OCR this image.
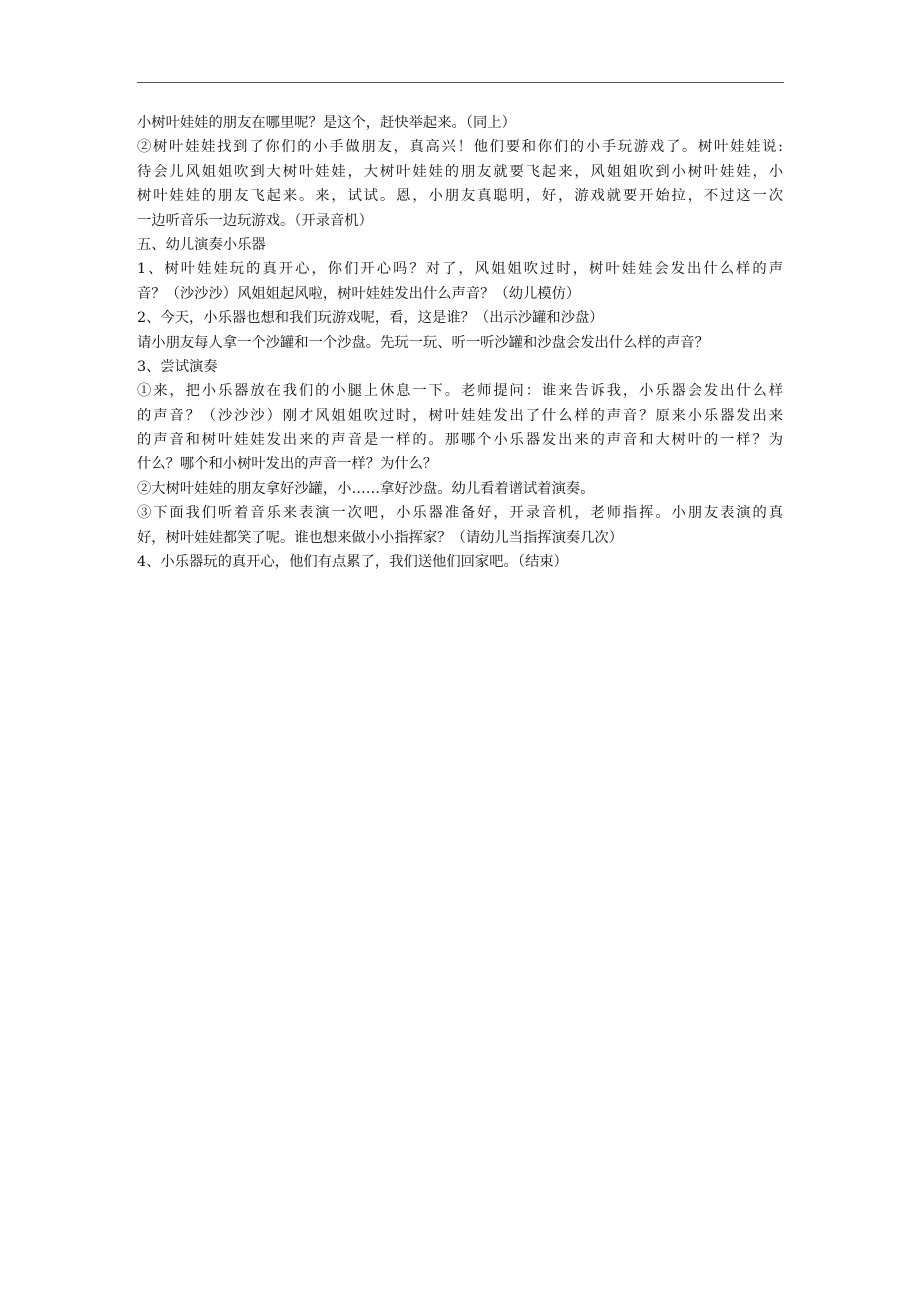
小树叶娃娃的朋友在哪里呢？是这个，赶快举起来。（同上）
②树叶娃娃找到了你们的小手做朋友，真高兴！他们要和你们的小手玩游戏了。树叶娃娃说:
待会儿风姐姐吹到大树叶娃娃，大树叶娃娃的朋友就要飞起来，风姐姐吹到小树叶娃娃，小
树叶娃娃的朋友飞起来。来，试试。恩，小朋友真聪明，好，游戏就要开始拉，不过这一次
一边听音乐一边玩游戏。（开录音机）
五、幼儿演奏小乐器
1、树叶娃娃玩的真开心，你们开心吗？对了，风姐姐吹过时，树叶娃娃会发出什么样的声
音？（沙沙沙）风姐姐起风啦，树叶娃娃发出什么声音？（幼儿模仿）
2、今天，小乐器也想和我们玩游戏呢，看，这是谁？（出示沙罐和沙盘）
请小朋友每人拿一个沙罐和一个沙盘。先玩一玩、听一听沙罐和沙盘会发出什么样的声音？
3、尝试演奏
①来，把小乐器放在我们的小腿上休息一下。老师提问：谁来告诉我，小乐器会发出什么样
的声音？（沙沙沙）刚才风姐姐吹过时，树叶娃娃发出了什么样的声音？原来小乐器发出来
的声音和树叶娃娃发出来的声音是一样的。那哪个小乐器发出来的声音和大树叶的一样？为
什么？哪个和小树叶发出的声音一样？为什么？
②大树叶娃娃的朋友拿好沙罐，小……拿好沙盘。幼儿看着谱试着演奏。
③下面我们听着音乐来表演一次吧，小乐器准备好，开录音机，老师指挥。小朋友表演的真
好，树叶娃娃都笑了呢。谁也想来做小小指挥家？（请幼儿当指挥演奏几次）
4、小乐器玩的真开心，他们有点累了，我们送他们回家吧。（结束）
